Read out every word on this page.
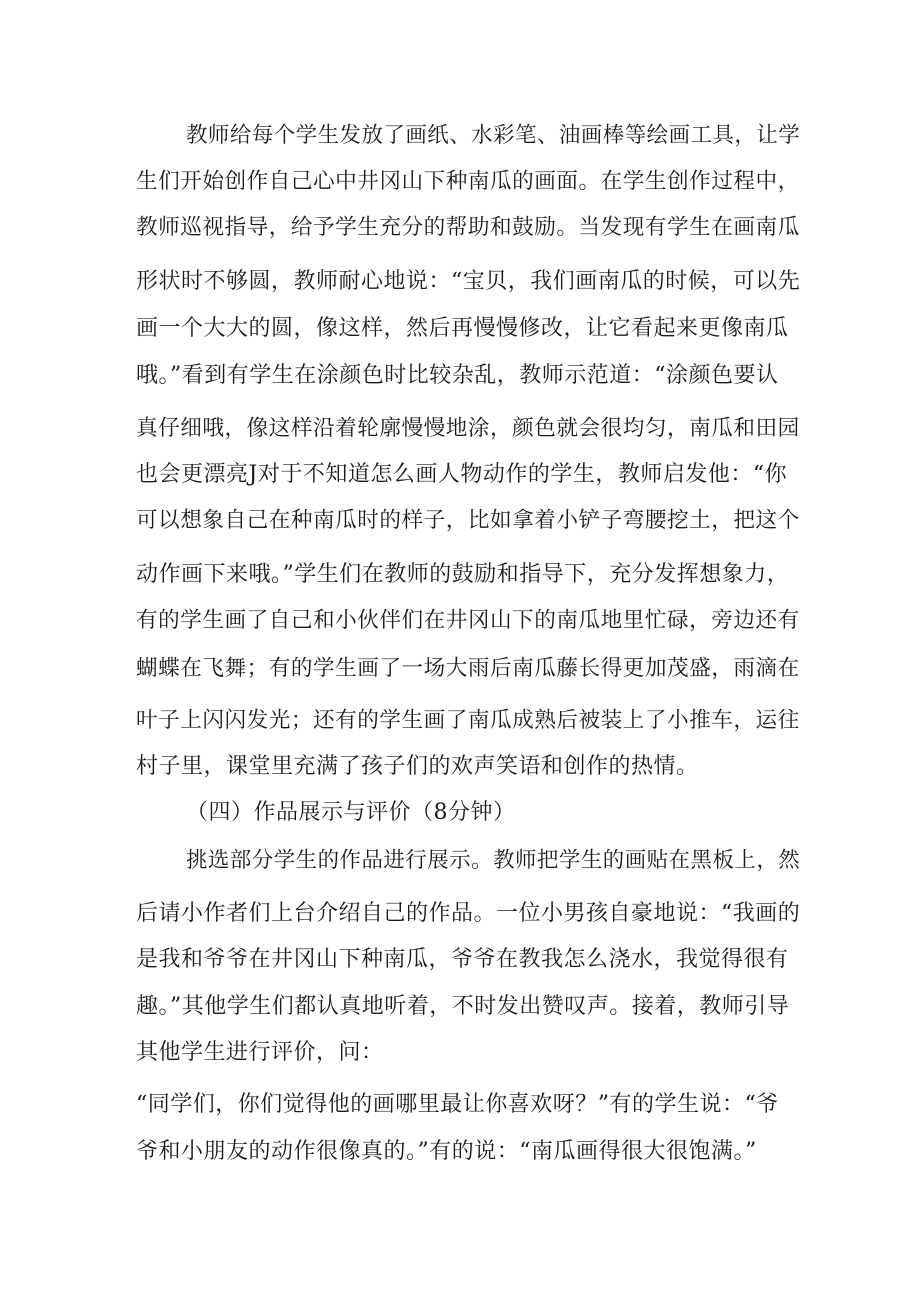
教师给每个学生发放了画纸、水彩笔、油画棒等绘画工具，让学
生们开始创作自己心中井冈山下种南瓜的画面。在学生创作过程中，
教师巡视指导，给予学生充分的帮助和鼓励。当发现有学生在画南瓜
形状时不够圆，教师耐心地说：“宝贝，我们画南瓜的时候，可以先
画一个大大的圆，像这样，然后再慢慢修改，让它看起来更像南瓜
哦。”看到有学生在涂颜色时比较杂乱，教师示范道：“涂颜色要认
真仔细哦，像这样沿着轮廓慢慢地涂，颜色就会很均匀，南瓜和田园
也会更漂亮J对于不知道怎么画人物动作的学生，教师启发他：“你
可以想象自己在种南瓜时的样子，比如拿着小铲子弯腰挖土，把这个
动作画下来哦。”学生们在教师的鼓励和指导下，充分发挥想象力，
有的学生画了自己和小伙伴们在井冈山下的南瓜地里忙碌，旁边还有
蝴蝶在飞舞；有的学生画了一场大雨后南瓜藤长得更加茂盛，雨滴在
叶子上闪闪发光；还有的学生画了南瓜成熟后被装上了小推车，运往
村子里，课堂里充满了孩子们的欢声笑语和创作的热情。
（四）作品展示与评价（8分钟）
挑选部分学生的作品进行展示。教师把学生的画贴在黑板上，然
后请小作者们上台介绍自己的作品。一位小男孩自豪地说：“我画的
是我和爷爷在井冈山下种南瓜，爷爷在教我怎么浇水，我觉得很有
趣。”其他学生们都认真地听着，不时发出赞叹声。接着，教师引导
其他学生进行评价，问：
“同学们，你们觉得他的画哪里最让你喜欢呀？”有的学生说：“爷
爷和小朋友的动作很像真的。”有的说：“南瓜画得很大很饱满。”
